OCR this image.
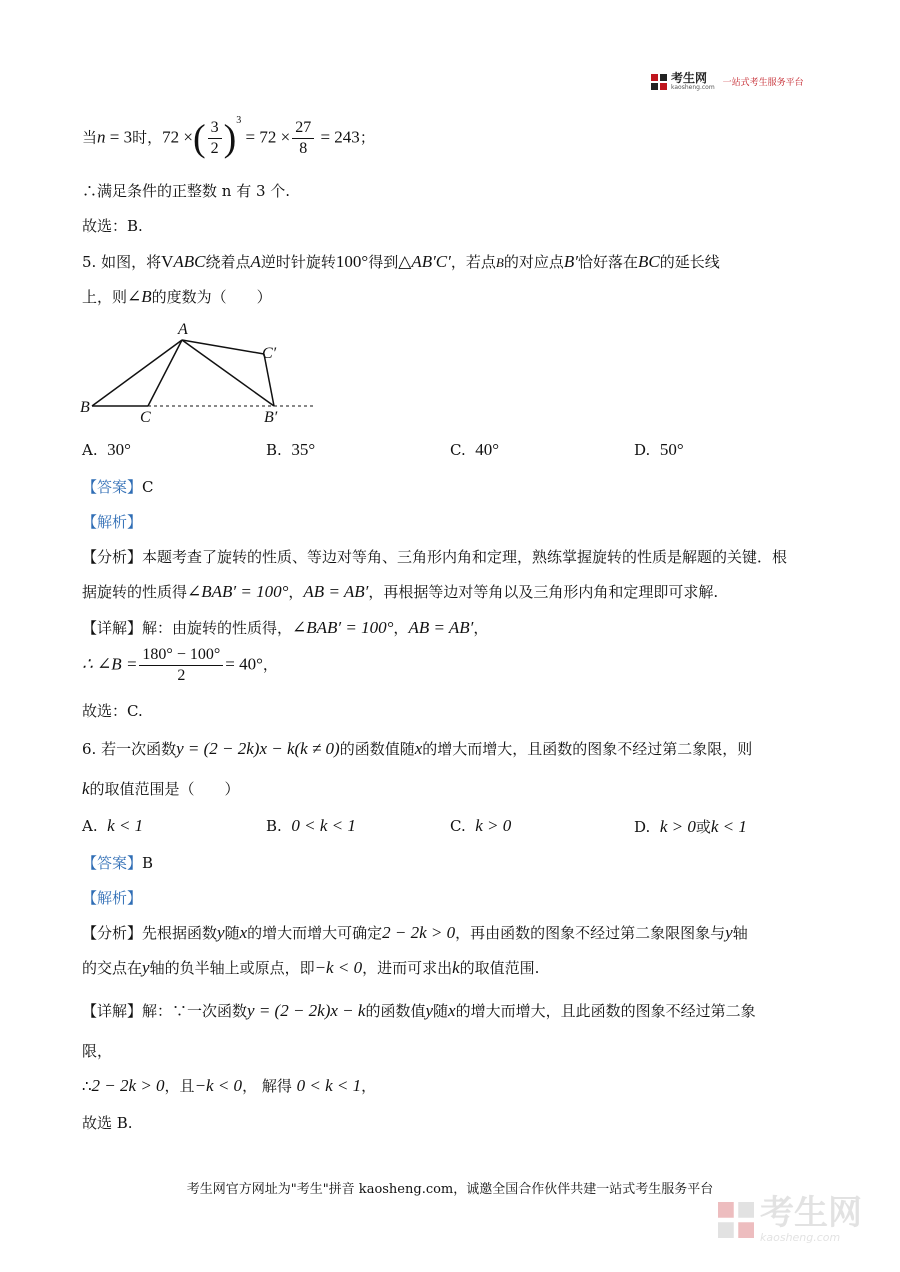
考生网
kaosheng.com 一站式考生服务平台
当n = 3时，72 ×( $\frac{3}{2} )^3 = 72 \times \frac{27}{8} = 243$；
∴满足条件的正整数 n 有 3 个.
故选：B.
5. 如图，将VABC绕着点A逆时针旋转100°得到△AB′C′，若点B的对应点B′恰好落在BC的延长线
上，则∠B的度数为（　　）
A
B
C	B′
C′
A. 30°	B. 35°	C. 40°	D. 50°
【答案】C
【解析】
【分析】本题考查了旋转的性质、等边对等角、三角形内角和定理，熟练掌握旋转的性质是解题的关键．根
据旋转的性质得∠BAB′ = 100°，AB = AB′，再根据等边对等角以及三角形内角和定理即可求解.
【详解】解：由旋转的性质得，∠BAB′ = 100°，AB = AB′，
∴ ∠B = $\frac{180^\circ - 100^\circ}{2} = 40^\circ$，
故选：C.
6. 若一次函数y = (2 − 2k)x − k(k ≠ 0)的函数值随x的增大而增大，且函数的图象不经过第二象限，则
k的取值范围是（　　）
A. k < 1	B. 0 < k < 1	C. k > 0	D. k > 0或k < 1
【答案】B
【解析】
【分析】先根据函数y随x的增大而增大可确定2 − 2k > 0，再由函数的图象不经过第二象限图象与y轴
的交点在y轴的负半轴上或原点，即−k < 0，进而可求出k的取值范围.
【详解】解：∵一次函数y = (2 − 2k)x − k的函数值y随x的增大而增大，且此函数的图象不经过第二象
限，
∴2 − 2k > 0，且−k < 0， 解得 0 < k < 1，
故选 B.
考生网官方网址为"考生"拼音 kaosheng.com，诚邀全国合作伙伴共建一站式考生服务平台
考生网
kaosheng.com
